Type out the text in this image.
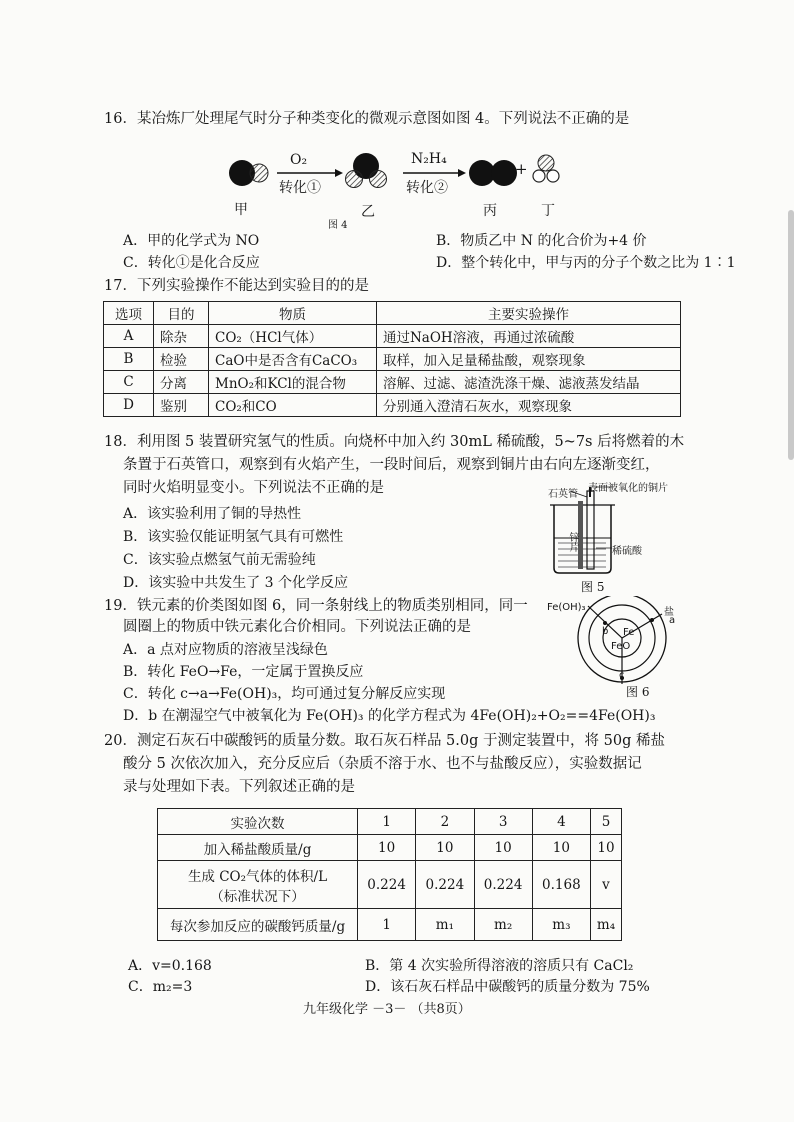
16．某冶炼厂处理尾气时分子种类变化的微观示意图如图 4。下列说法不正确的是
O₂
转化①
N₂H₄
转化②
+
甲	乙	丙	丁
图 4
A．甲的化学式为 NO	B．物质乙中 N 的化合价为+4 价
C．转化①是化合反应	D．整个转化中，甲与丙的分子个数之比为 1∶1
17．下列实验操作不能达到实验目的的是
选项	目的	物质	主要实验操作
A	除杂	CO₂（HCl气体）	通过NaOH溶液，再通过浓硫酸
B	检验	CaO中是否含有CaCO₃	取样，加入足量稀盐酸，观察现象
C	分离	MnO₂和KCl的混合物	溶解、过滤、滤渣洗涤干燥、滤液蒸发结晶
D	鉴别	CO₂和CO	分别通入澄清石灰水，观察现象
18．利用图 5 装置研究氢气的性质。向烧杯中加入约 30mL 稀硫酸，5~7s 后将燃着的木
条置于石英管口，观察到有火焰产生，一段时间后，观察到铜片由右向左逐渐变红，
同时火焰明显变小。下列说法不正确的是
A．该实验利用了铜的导热性
B．该实验仅能证明氢气具有可燃性
C．该实验点燃氢气前无需验纯
D．该实验中共发生了 3 个化学反应
石英管
表面被氧化的铜片
锌片	稀硫酸
图 5
19．铁元素的价类图如图 6，同一条射线上的物质类别相同，同一
圆圈上的物质中铁元素化合价相同。下列说法正确的是
A．a 点对应物质的溶液呈浅绿色
B．转化 FeO→Fe，一定属于置换反应
C．转化 c→a→Fe(OH)₃，均可通过复分解反应实现
D．b 在潮湿空气中被氧化为 Fe(OH)₃ 的化学方程式为 4Fe(OH)₂+O₂==4Fe(OH)₃
Fe(OH)₃	盐
a
b Fe
FeO
c
图 6
20．测定石灰石中碳酸钙的质量分数。取石灰石样品 5.0g 于测定装置中，将 50g 稀盐
酸分 5 次依次加入，充分反应后（杂质不溶于水、也不与盐酸反应），实验数据记
录与处理如下表。下列叙述正确的是
实验次数	1	2	3	4	5
加入稀盐酸质量/g	10	10	10	10	10

生成 CO₂气体的体积/L
（标准状况下）	0.224	0.224	0.224	0.168	v
每次参加反应的碳酸钙质量/g	1	m₁	m₂	m₃	m₄
A．v=0.168	B．第 4 次实验所得溶液的溶质只有 CaCl₂
C．m₂=3	D．该石灰石样品中碳酸钙的质量分数为 75%
九年级化学 －3－ （共8页）
